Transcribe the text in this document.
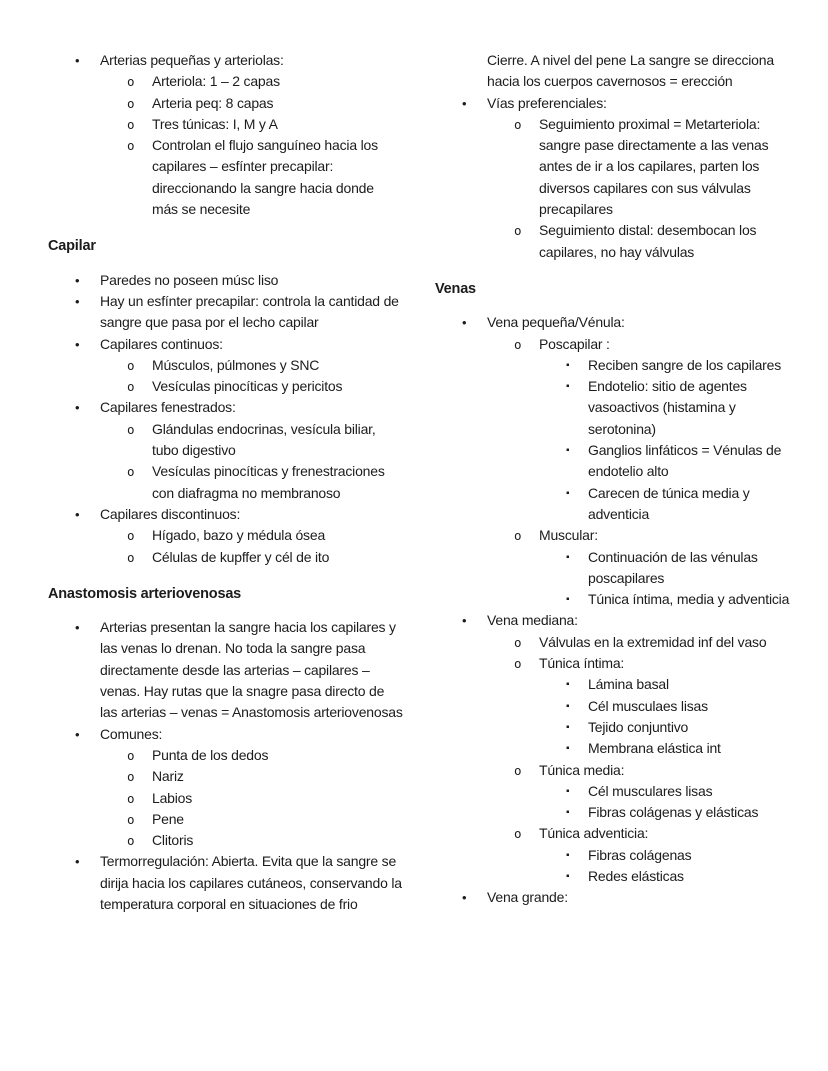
• Arterias pequeñas y arteriolas:
o Arteriola: 1 – 2 capas
o Arteria peq: 8 capas
o Tres túnicas: I, M y A
o Controlan el flujo sanguíneo hacia los capilares – esfínter precapilar: direccionando la sangre hacia donde más se necesite
Capilar
• Paredes no poseen músc liso
• Hay un esfínter precapilar: controla la cantidad de sangre que pasa por el lecho capilar
• Capilares continuos:
o Músculos, púlmones y SNC
o Vesículas pinocíticas y pericitos
• Capilares fenestrados:
o Glándulas endocrinas, vesícula biliar, tubo digestivo
o Vesículas pinocíticas y frenestraciones con diafragma no membranoso
• Capilares discontinuos:
o Hígado, bazo y médula ósea
o Células de kupffer y cél de ito
Anastomosis arteriovenosas
• Arterias presentan la sangre hacia los capilares y las venas lo drenan. No toda la sangre pasa directamente desde las arterias – capilares – venas. Hay rutas que la snagre pasa directo de las arterias – venas = Anastomosis arteriovenosas
• Comunes:
o Punta de los dedos
o Nariz
o Labios
o Pene
o Clitoris
• Termorregulación: Abierta. Evita que la sangre se dirija hacia los capilares cutáneos, conservando la temperatura corporal en situaciones de frio
Cierre. A nivel del pene La sangre se direcciona hacia los cuerpos cavernosos = erección
• Vías preferenciales:
o Seguimiento proximal = Metarteriola: sangre pase directamente a las venas antes de ir a los capilares, parten los diversos capilares con sus válvulas precapilares
o Seguimiento distal: desembocan los capilares, no hay válvulas
Venas
• Vena pequeña/Vénula:
o Poscapilar :
▪ Reciben sangre de los capilares
▪ Endotelio: sitio de agentes vasoactivos (histamina y serotonina)
▪ Ganglios linfáticos = Vénulas de endotelio alto
▪ Carecen de túnica media y adventicia
o Muscular:
▪ Continuación de las vénulas poscapilares
▪ Túnica íntima, media y adventicia
• Vena mediana:
o Válvulas en la extremidad inf del vaso
o Túnica íntima:
▪ Lámina basal
▪ Cél musculaes lisas
▪ Tejido conjuntivo
▪ Membrana elástica int
o Túnica media:
▪ Cél musculares lisas
▪ Fibras colágenas y elásticas
o Túnica adventicia:
▪ Fibras colágenas
▪ Redes elásticas
• Vena grande:
